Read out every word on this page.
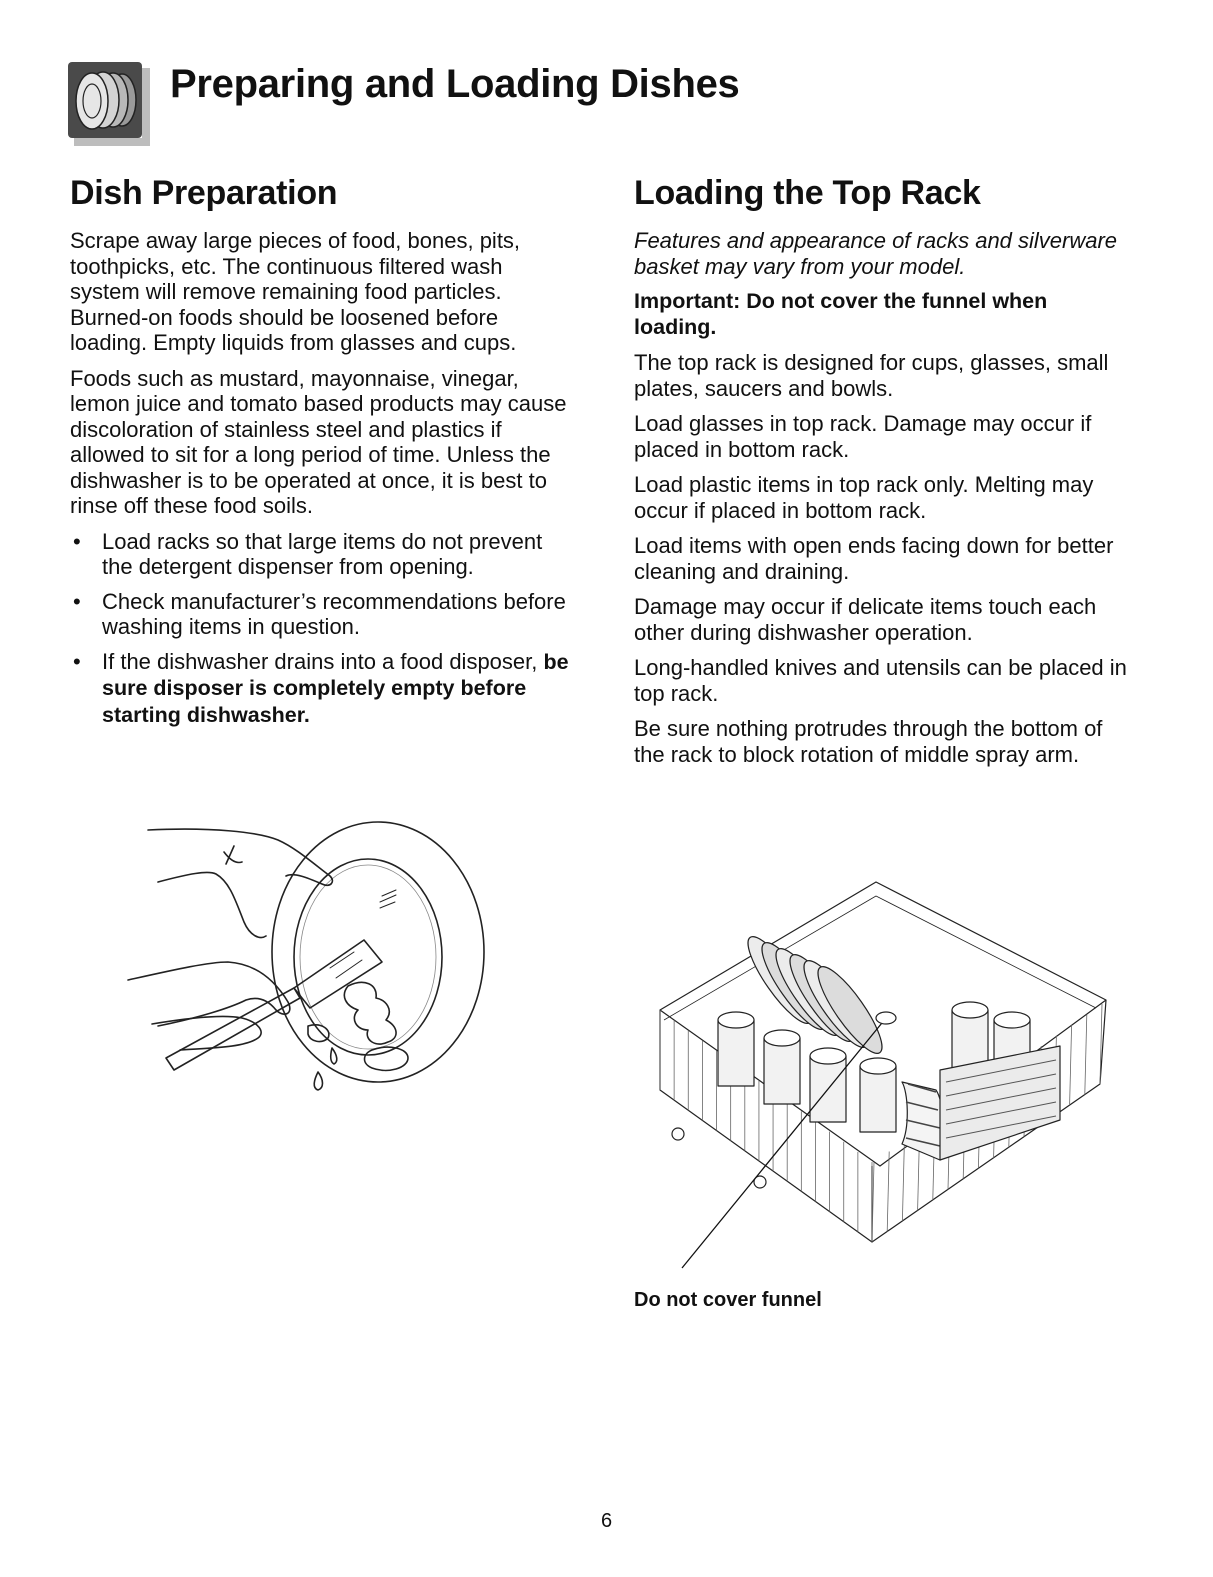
Preparing and Loading Dishes
Dish Preparation

Scrape away large pieces of food, bones, pits, toothpicks, etc. The continuous filtered wash system will remove remaining food particles. Burned-on foods should be loosened before loading. Empty liquids from glasses and cups.

Foods such as mustard, mayonnaise, vinegar, lemon juice and tomato based products may cause discoloration of stainless steel and plastics if allowed to sit for a long period of time. Unless the dishwasher is to be operated at once, it is best to rinse off these food soils.

• Load racks so that large items do not prevent the detergent dispenser from opening.
• Check manufacturer’s recommendations before washing items in question.
• If the dishwasher drains into a food disposer, be sure disposer is completely empty before starting dishwasher.
Loading the Top Rack

Features and appearance of racks and silverware basket may vary from your model.

Important: Do not cover the funnel when loading.

The top rack is designed for cups, glasses, small plates, saucers and bowls.

Load glasses in top rack. Damage may occur if placed in bottom rack.

Load plastic items in top rack only. Melting may occur if placed in bottom rack.

Load items with open ends facing down for better cleaning and draining.

Damage may occur if delicate items touch each other during dishwasher operation.

Long-handled knives and utensils can be placed in top rack.

Be sure nothing protrudes through the bottom of the rack to block rotation of middle spray arm.

Do not cover funnel

6
